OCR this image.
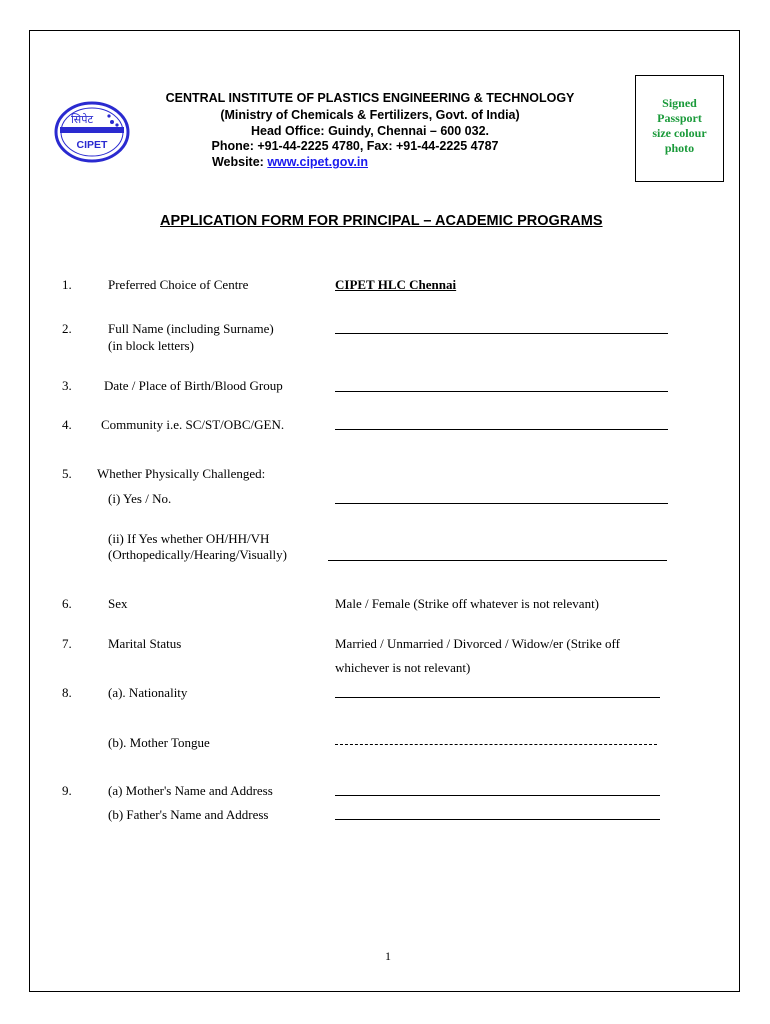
सिपेट
CIPET
CENTRAL INSTITUTE OF PLASTICS ENGINEERING & TECHNOLOGY
(Ministry of Chemicals & Fertilizers, Govt. of India)
Head Office: Guindy, Chennai – 600 032.
Phone: +91-44-2225 4780, Fax: +91-44-2225 4787
Website: www.cipet.gov.in
Signed
Passport
size colour
photo
APPLICATION FORM FOR PRINCIPAL – ACADEMIC PROGRAMS
1.	Preferred Choice of Centre	CIPET HLC Chennai
2.	Full Name (including Surname)
(in block letters)
3. Date / Place of Birth/Blood Group
4. Community i.e. SC/ST/OBC/GEN.
5. Whether Physically Challenged:
(i) Yes / No.
(ii) If Yes whether OH/HH/VH
(Orthopedically/Hearing/Visually)
6.	Sex	Male / Female (Strike off whatever is not relevant)
7.	Marital Status	Married / Unmarried / Divorced / Widow/er (Strike off
whichever is not relevant)
8.	(a). Nationality
(b). Mother Tongue
9.	(a) Mother's Name and Address
(b) Father's Name and Address
1
